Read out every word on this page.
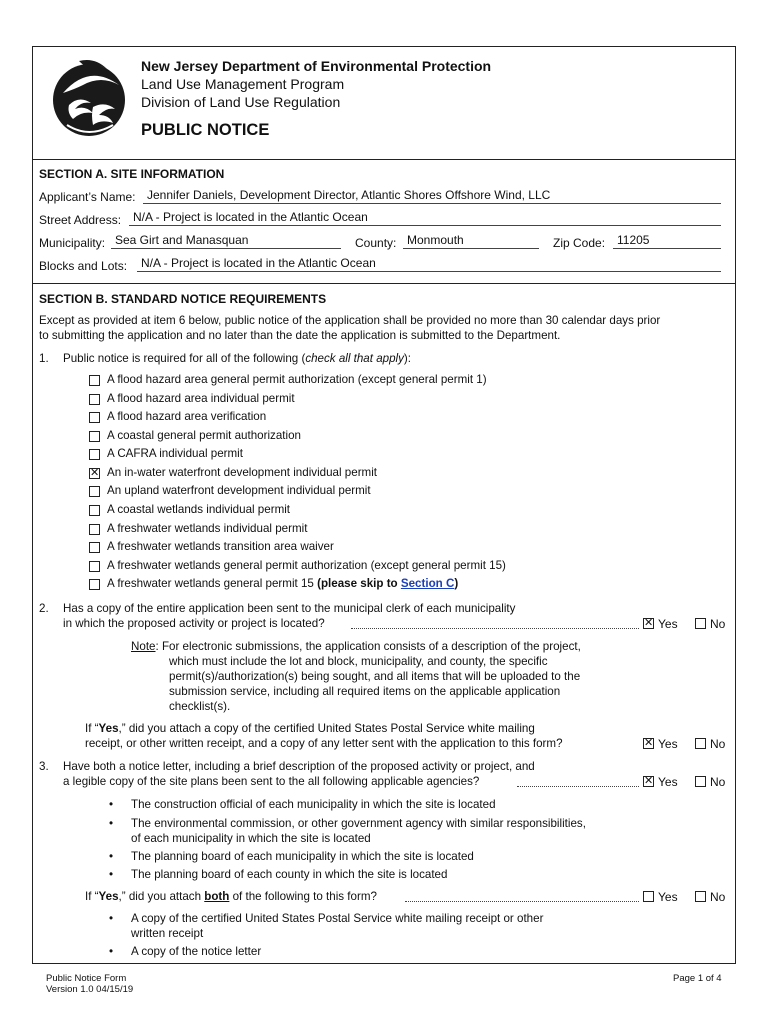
New Jersey Department of Environmental Protection
Land Use Management Program
Division of Land Use Regulation
PUBLIC NOTICE
SECTION A. SITE INFORMATION
Applicant’s Name: Jennifer Daniels, Development Director, Atlantic Shores Offshore Wind, LLC
Street Address: N/A - Project is located in the Atlantic Ocean
Municipality: Sea Girt and Manasquan	County: Monmouth	Zip Code: 11205
Blocks and Lots:	N/A - Project is located in the Atlantic Ocean
SECTION B. STANDARD NOTICE REQUIREMENTS
Except as provided at item 6 below, public notice of the application shall be provided no more than 30 calendar days prior
to submitting the application and no later than the date the application is submitted to the Department.
1. Public notice is required for all of the following (check all that apply):
A flood hazard area general permit authorization (except general permit 1)
A flood hazard area individual permit
A flood hazard area verification
A coastal general permit authorization
A CAFRA individual permit
✕ An in-water waterfront development individual permit
An upland waterfront development individual permit
A coastal wetlands individual permit
A freshwater wetlands individual permit
A freshwater wetlands transition area waiver
A freshwater wetlands general permit authorization (except general permit 15)
A freshwater wetlands general permit 15 (please skip to Section C)
2. Has a copy of the entire application been sent to the municipal clerk of each municipality
in which the proposed activity or project is located?	✕ Yes	No
Note: For electronic submissions, the application consists of a description of the project,
which must include the lot and block, municipality, and county, the specific
permit(s)/authorization(s) being sought, and all items that will be uploaded to the
submission service, including all required items on the applicable application
checklist(s).
If “Yes,” did you attach a copy of the certified United States Postal Service white mailing
receipt, or other written receipt, and a copy of any letter sent with the application to this form?	✕ Yes	No
3. Have both a notice letter, including a brief description of the proposed activity or project, and
a legible copy of the site plans been sent to the all following applicable agencies?	✕ Yes	No
• The construction official of each municipality in which the site is located
• The environmental commission, or other government agency with similar responsibilities,
of each municipality in which the site is located
• The planning board of each municipality in which the site is located
• The planning board of each county in which the site is located
If “Yes,” did you attach both of the following to this form?	Yes	No
• A copy of the certified United States Postal Service white mailing receipt or other
written receipt
• A copy of the notice letter
Public Notice Form
Version 1.0 04/15/19
Page 1 of 4
